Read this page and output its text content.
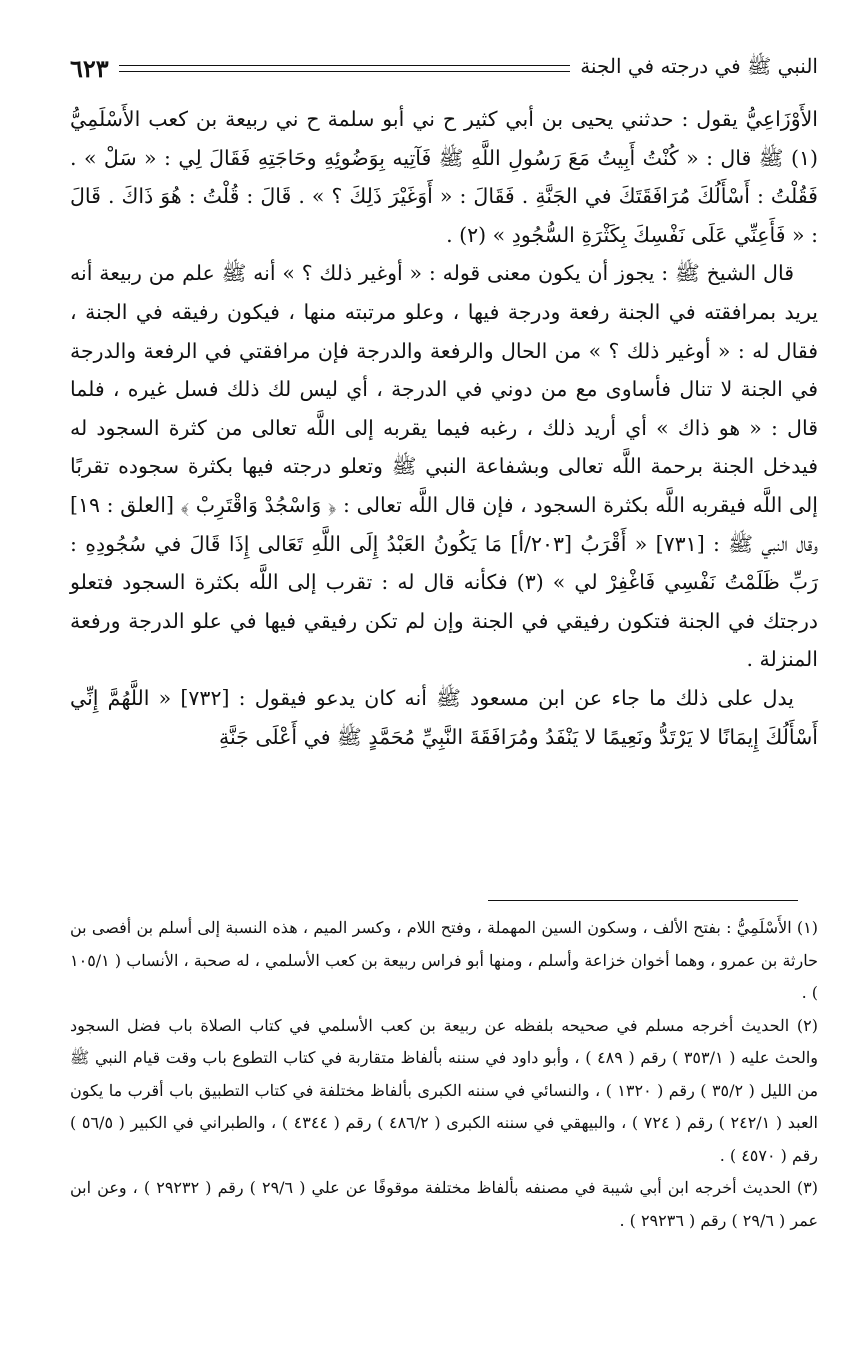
النبي ﷺ في درجته في الجنة
٦٢٣

الأَوْزَاعِيُّ يقول : حدثني يحيى بن أبي كثير ح ني أبو سلمة ح ني ربيعة بن كعب الأَسْلَمِيُّ (١) ﷺ قال : « كُنْتُ أَبِيتُ مَعَ رَسُولِ اللَّهِ ﷺ فَآتِيه بِوَضُوئِهِ وحَاجَتِهِ فَقَالَ لِي : « سَلْ » . فَقُلْتُ : أَسْأَلُكَ مُرَافَقَتَكَ في الجَنَّةِ . فَقَالَ : « أَوَغَيْرَ ذَلِكَ ؟ » . قَالَ : قُلْتُ : هُوَ ذَاكَ . قَالَ : « فَأَعِنِّي عَلَى نَفْسِكَ بِكَثْرَةِ السُّجُودِ » (٢) .

قال الشيخ ﷺ : يجوز أن يكون معنى قوله : « أوغير ذلك ؟ » أنه ﷺ علم من ربيعة أنه يريد بمرافقته في الجنة رفعة ودرجة فيها ، وعلو مرتبته منها ، فيكون رفيقه في الجنة ، فقال له : « أوغير ذلك ؟ » من الحال والرفعة والدرجة فإن مرافقتي في الرفعة والدرجة في الجنة لا تنال فأساوى مع من دوني في الدرجة ، أي ليس لك ذلك فسل غيره ، فلما قال : « هو ذاك » أي أريد ذلك ، رغبه فيما يقربه إلى اللَّه تعالى من كثرة السجود له فيدخل الجنة برحمة اللَّه تعالى وبشفاعة النبي ﷺ وتعلو درجته فيها بكثرة سجوده تقربًا إلى اللَّه فيقربه اللَّه بكثرة السجود ، فإن قال اللَّه تعالى : ﴿ وَاسْجُدْ وَاقْتَرِبْ ﴾ [العلق : ١٩] وقال النبي ﷺ : [٧٣١] « أَقْرَبُ [٢٠٣/أ] مَا يَكُونُ العَبْدُ إِلَى اللَّهِ تَعَالى إِذَا قَالَ في سُجُودِهِ : رَبِّ ظَلَمْتُ نَفْسِي فَاغْفِرْ لي » (٣) فكأنه قال له : تقرب إلى اللَّه بكثرة السجود فتعلو درجتك في الجنة فتكون رفيقي في الجنة وإن لم تكن رفيقي فيها في علو الدرجة ورفعة المنزلة .

يدل على ذلك ما جاء عن ابن مسعود ﷺ أنه كان يدعو فيقول : [٧٣٢] « اللَّهُمَّ إِنِّي أَسْأَلُكَ إِيمَانًا لا يَرْتَدُّ ونَعِيمًا لا يَنْفَدُ ومُرَافَقَةَ النَّبِيِّ مُحَمَّدٍ ﷺ في أَعْلَى جَنَّةِ

(١) الأَسْلَمِيُّ : بفتح الألف ، وسكون السين المهملة ، وفتح اللام ، وكسر الميم ، هذه النسبة إلى أسلم بن أفصى بن حارثة بن عمرو ، وهما أخوان خزاعة وأسلم ، ومنها أبو فراس ربيعة بن كعب الأسلمي ، له صحبة ، الأنساب ( ١٠٥/١ ) .

(٢) الحديث أخرجه مسلم في صحيحه بلفظه عن ربيعة بن كعب الأسلمي في كتاب الصلاة باب فضل السجود والحث عليه ( ٣٥٣/١ ) رقم ( ٤٨٩ ) ، وأبو داود في سننه بألفاظ متقاربة في كتاب التطوع باب وقت قيام النبي ﷺ من الليل ( ٣٥/٢ ) رقم ( ١٣٢٠ ) ، والنسائي في سننه الكبرى بألفاظ مختلفة في كتاب التطبيق باب أقرب ما يكون العبد ( ٢٤٢/١ ) رقم ( ٧٢٤ ) ، والبيهقي في سننه الكبرى ( ٤٨٦/٢ ) رقم ( ٤٣٤٤ ) ، والطبراني في الكبير ( ٥٦/٥ ) رقم ( ٤٥٧٠ ) .

(٣) الحديث أخرجه ابن أبي شيبة في مصنفه بألفاظ مختلفة موقوفًا عن علي ( ٢٩/٦ ) رقم ( ٢٩٢٣٢ ) ، وعن ابن عمر ( ٢٩/٦ ) رقم ( ٢٩٢٣٦ ) .
